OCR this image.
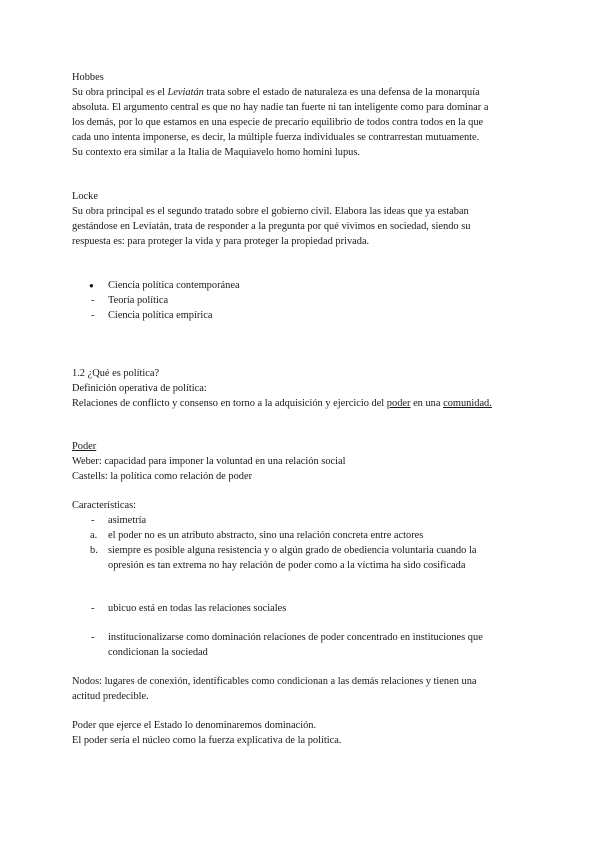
Hobbes
Su obra principal es el Leviatán trata sobre el estado de naturaleza es una defensa de la monarquía
absoluta. El argumento central es que no hay nadie tan fuerte ni tan inteligente como para dominar a
los demás, por lo que estamos en una especie de precario equilibrio de todos contra todos en la que
cada uno intenta imponerse, es decir, la múltiple fuerza individuales se contrarrestan mutuamente.
Su contexto era similar a la Italia de Maquiavelo homo homini lupus.
Locke
Su obra principal es el segundo tratado sobre el gobierno civil. Elabora las ideas que ya estaban
gestándose en Leviatán, trata de responder a la pregunta por qué vivimos en sociedad, siendo su
respuesta es: para proteger la vida y para proteger la propiedad privada.
● Ciencia política contemporánea
- Teoría política
- Ciencia política empírica
1.2 ¿Qué es política?
Definición operativa de política:
Relaciones de conflicto y consenso en torno a la adquisición y ejercicio del poder en una comunidad.
Poder
Weber: capacidad para imponer la voluntad en una relación social
Castells: la política como relación de poder
Características:
- asimetría
a. el poder no es un atributo abstracto, sino una relación concreta entre actores
b. siempre es posible alguna resistencia y o algún grado de obediencia voluntaria cuando la
opresión es tan extrema no hay relación de poder como a la víctima ha sido cosificada
- ubicuo está en todas las relaciones sociales
- institucionalizarse como dominación relaciones de poder concentrado en instituciones que
condicionan la sociedad
Nodos: lugares de conexión, identificables como condicionan a las demás relaciones y tienen una
actitud predecible.
Poder que ejerce el Estado lo denominaremos dominación.
El poder sería el núcleo como la fuerza explicativa de la política.
